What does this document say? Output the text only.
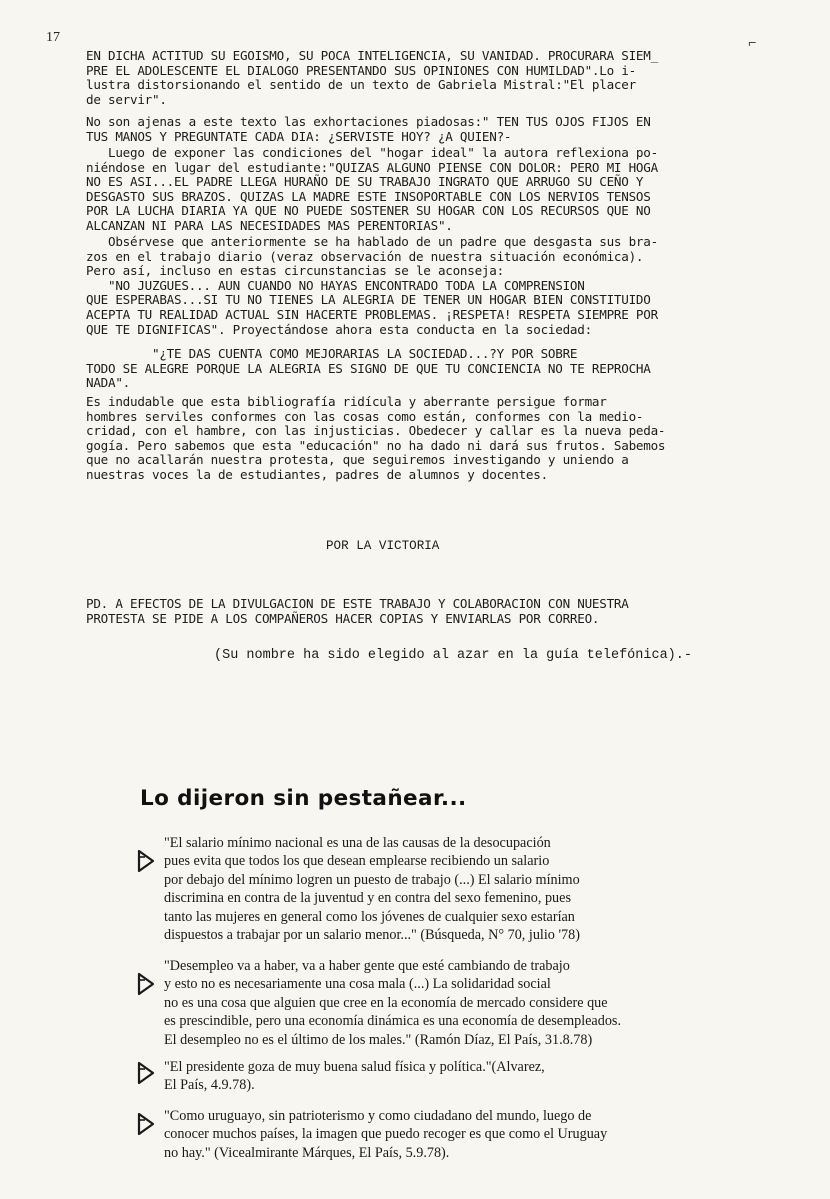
17	⌐
EN DICHA ACTITUD SU EGOISMO, SU POCA INTELIGENCIA, SU VANIDAD. PROCURARA SIEM_
PRE EL ADOLESCENTE EL DIALOGO PRESENTANDO SUS OPINIONES CON HUMILDAD".Lo i-
lustra distorsionando el sentido de un texto de Gabriela Mistral:"El placer
de servir".
No son ajenas a este texto las exhortaciones piadosas:" TEN TUS OJOS FIJOS EN
TUS MANOS Y PREGUNTATE CADA DIA: ¿SERVISTE HOY? ¿A QUIEN?-
Luego de exponer las condiciones del "hogar ideal" la autora reflexiona po-
niéndose en lugar del estudiante:"QUIZAS ALGUNO PIENSE CON DOLOR: PERO MI HOGA
NO ES ASI...EL PADRE LLEGA HURAÑO DE SU TRABAJO INGRATO QUE ARRUGO SU CEÑO Y
DESGASTO SUS BRAZOS. QUIZAS LA MADRE ESTE INSOPORTABLE CON LOS NERVIOS TENSOS
POR LA LUCHA DIARIA YA QUE NO PUEDE SOSTENER SU HOGAR CON LOS RECURSOS QUE NO
ALCANZAN NI PARA LAS NECESIDADES MAS PERENTORIAS".
Obsérvese que anteriormente se ha hablado de un padre que desgasta sus bra-
zos en el trabajo diario (veraz observación de nuestra situación económica).
Pero así, incluso en estas circunstancias se le aconseja:
"NO JUZGUES... AUN CUANDO NO HAYAS ENCONTRADO TODA LA COMPRENSION
QUE ESPERABAS...SI TU NO TIENES LA ALEGRIA DE TENER UN HOGAR BIEN CONSTITUIDO
ACEPTA TU REALIDAD ACTUAL SIN HACERTE PROBLEMAS. ¡RESPETA! RESPETA SIEMPRE POR
QUE TE DIGNIFICAS". Proyectándose ahora esta conducta en la sociedad:
"¿TE DAS CUENTA COMO MEJORARIAS LA SOCIEDAD...?Y POR SOBRE
TODO SE ALEGRE PORQUE LA ALEGRIA ES SIGNO DE QUE TU CONCIENCIA NO TE REPROCHA
NADA".
Es indudable que esta bibliografía ridícula y aberrante persigue formar
hombres serviles conformes con las cosas como están, conformes con la medio-
cridad, con el hambre, con las injusticias. Obedecer y callar es la nueva peda-
gogía. Pero sabemos que esta "educación" no ha dado ni dará sus frutos. Sabemos
que no acallarán nuestra protesta, que seguiremos investigando y uniendo a
nuestras voces la de estudiantes, padres de alumnos y docentes.
POR LA VICTORIA
PD. A EFECTOS DE LA DIVULGACION DE ESTE TRABAJO Y COLABORACION CON NUESTRA
PROTESTA SE PIDE A LOS COMPAÑEROS HACER COPIAS Y ENVIARLAS POR CORREO.
(Su nombre ha sido elegido al azar en la guía telefónica).-
Lo dijeron sin pestañear...
"El salario mínimo nacional es una de las causas de la desocupación
pues evita que todos los que desean emplearse recibiendo un salario
por debajo del mínimo logren un puesto de trabajo (...) El salario mínimo
discrimina en contra de la juventud y en contra del sexo femenino, pues
tanto las mujeres en general como los jóvenes de cualquier sexo estarían
dispuestos a trabajar por un salario menor..." (Búsqueda, N° 70, julio '78)
"Desempleo va a haber, va a haber gente que esté cambiando de trabajo
y esto no es necesariamente una cosa mala (...) La solidaridad social
no es una cosa que alguien que cree en la economía de mercado considere que
es prescindible, pero una economía dinámica es una economía de desempleados.
El desempleo no es el último de los males." (Ramón Díaz, El País, 31.8.78)
"El presidente goza de muy buena salud física y política."(Alvarez,
El País, 4.9.78).
"Como uruguayo, sin patrioterismo y como ciudadano del mundo, luego de
conocer muchos países, la imagen que puedo recoger es que como el Uruguay
no hay." (Vicealmirante Márques, El País, 5.9.78).
